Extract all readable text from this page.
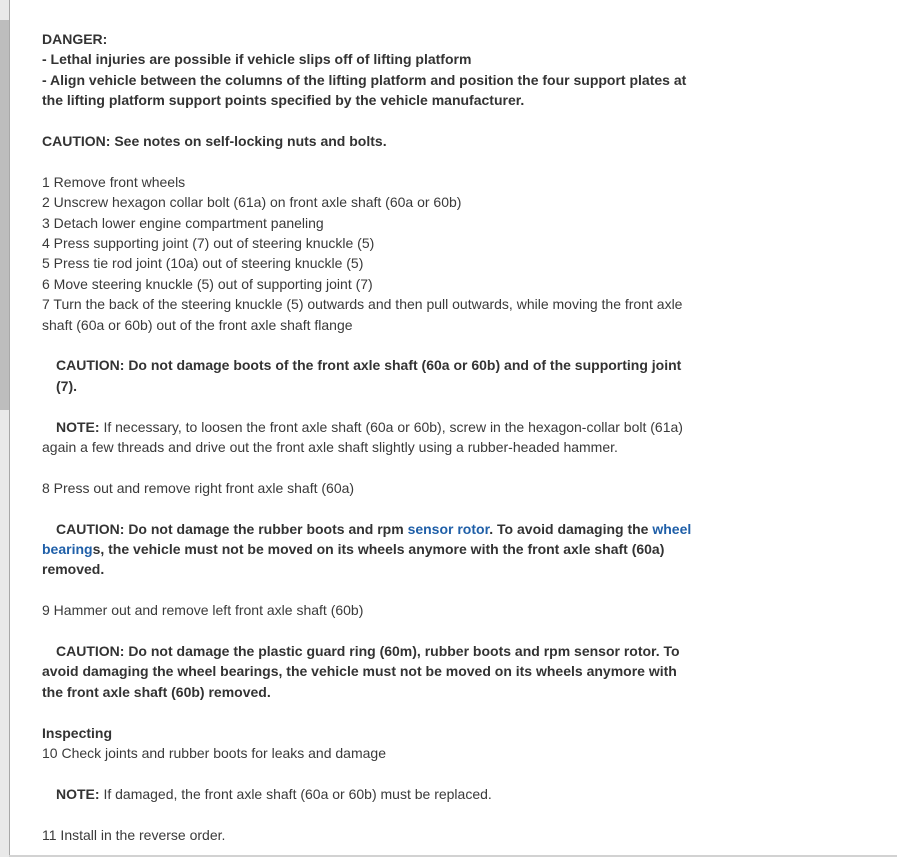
DANGER:
- Lethal injuries are possible if vehicle slips off of lifting platform
- Align vehicle between the columns of the lifting platform and position the four support plates at the lifting platform support points specified by the vehicle manufacturer.
CAUTION: See notes on self-locking nuts and bolts.
1 Remove front wheels
2 Unscrew hexagon collar bolt (61a) on front axle shaft (60a or 60b)
3 Detach lower engine compartment paneling
4 Press supporting joint (7) out of steering knuckle (5)
5 Press tie rod joint (10a) out of steering knuckle (5)
6 Move steering knuckle (5) out of supporting joint (7)
7 Turn the back of the steering knuckle (5) outwards and then pull outwards, while moving the front axle shaft (60a or 60b) out of the front axle shaft flange
CAUTION: Do not damage boots of the front axle shaft (60a or 60b) and of the supporting joint (7).
NOTE: If necessary, to loosen the front axle shaft (60a or 60b), screw in the hexagon-collar bolt (61a) again a few threads and drive out the front axle shaft slightly using a rubber-headed hammer.
8 Press out and remove right front axle shaft (60a)
CAUTION: Do not damage the rubber boots and rpm sensor rotor. To avoid damaging the wheel bearings, the vehicle must not be moved on its wheels anymore with the front axle shaft (60a) removed.
9 Hammer out and remove left front axle shaft (60b)
CAUTION: Do not damage the plastic guard ring (60m), rubber boots and rpm sensor rotor. To avoid damaging the wheel bearings, the vehicle must not be moved on its wheels anymore with the front axle shaft (60b) removed.
Inspecting
10 Check joints and rubber boots for leaks and damage
NOTE: If damaged, the front axle shaft (60a or 60b) must be replaced.
11 Install in the reverse order.
